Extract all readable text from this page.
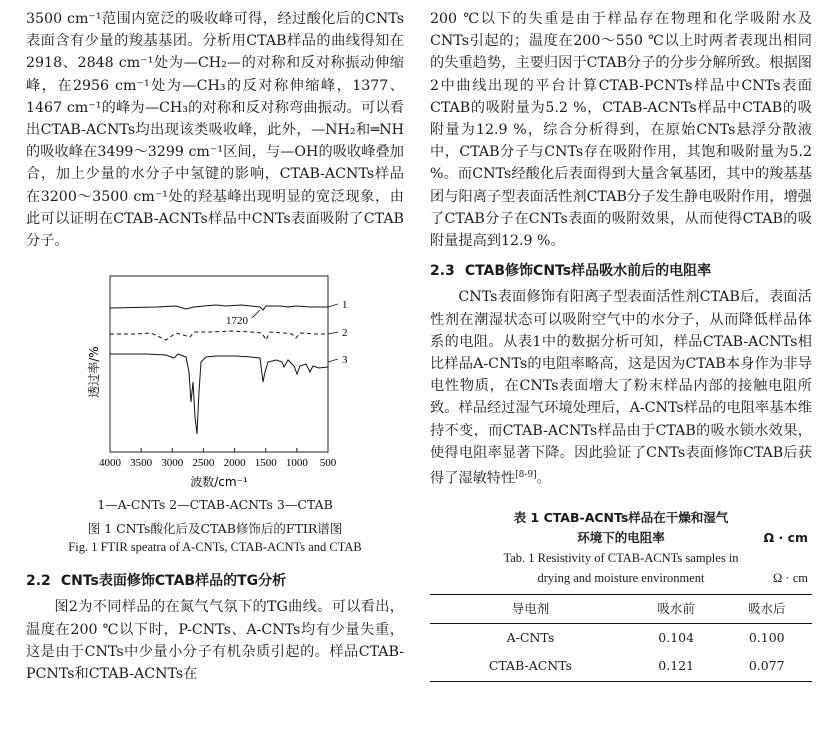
3500 cm⁻¹范围内宽泛的吸收峰可得，经过酸化后的CNTs表面含有少量的羧基基团。分析用CTAB样品的曲线得知在2918、2848 cm⁻¹处为—CH₂—的对称和反对称振动伸缩峰，在2956 cm⁻¹处为—CH₃的反对称伸缩峰，1377、1467 cm⁻¹的峰为—CH₃的对称和反对称弯曲振动。可以看出CTAB-ACNTs均出现该类吸收峰，此外，—NH₂和═NH的吸收峰在3499～3299 cm⁻¹区间，与—OH的吸收峰叠加合，加上少量的水分子中氢键的影响，CTAB-ACNTs样品在3200～3500 cm⁻¹处的羟基峰出现明显的宽泛现象，由此可以证明在CTAB-ACNTs样品中CNTs表面吸附了CTAB分子。

透过率/%
4000 3500 3000 2500 2000 1500 1000 500
1720
1
2
3
波数/cm⁻¹

1—A-CNTs 2—CTAB-ACNTs 3—CTAB

图 1 CNTs酸化后及CTAB修饰后的FTIR谱图

Fig. 1 FTIR speatra of A-CNTs, CTAB-ACNTs and CTAB

2.2 CNTs表面修饰CTAB样品的TG分析

图2为不同样品的在氮气气氛下的TG曲线。可以看出，温度在200 ℃以下时，P-CNTs、A-CNTs均有少量失重，这是由于CNTs中少量小分子有机杂质引起的。样品CTAB-PCNTs和CTAB-ACNTs在

200 ℃以下的失重是由于样品存在物理和化学吸附水及CNTs引起的；温度在200～550 ℃以上时两者表现出相同的失重趋势，主要归因于CTAB分子的分步分解所致。根据图2中曲线出现的平台计算CTAB-PCNTs样品中CNTs表面CTAB的吸附量为5.2 %，CTAB-ACNTs样品中CTAB的吸附量为12.9 %，综合分析得到，在原始CNTs悬浮分散液中，CTAB分子与CNTs存在吸附作用，其饱和吸附量为5.2 %。而CNTs经酸化后表面得到大量含氧基团，其中的羧基基团与阳离子型表面活性剂CTAB分子发生静电吸附作用，增强了CTAB分子在CNTs表面的吸附效果，从而使得CTAB的吸附量提高到12.9 %。

2.3 CTAB修饰CNTs样品吸水前后的电阻率

CNTs表面修饰有阳离子型表面活性剂CTAB后，表面活性剂在潮湿状态可以吸附空气中的水分子，从而降低样品体系的电阻。从表1中的数据分析可知，样品CTAB-ACNTs相比样品A-CNTs的电阻率略高，这是因为CTAB本身作为非导电性物质，在CNTs表面增大了粉末样品内部的接触电阻所致。样品经过湿气环境处理后，A-CNTs样品的电阻率基本维持不变，而CTAB-ACNTs样品由于CTAB的吸水锁水效果，使得电阻率显著下降。因此验证了CNTs表面修饰CTAB后获得了湿敏特性[8-9]。

表 1 CTAB-ACNTs样品在干燥和湿气

环境下的电阻率	Ω · cm

Tab. 1 Resistivity of CTAB-ACNTs samples in

drying and moisture environment	Ω · cm

导电剂	吸水前	吸水后
A-CNTs	0.104	0.100
CTAB-ACNTs	0.121	0.077
